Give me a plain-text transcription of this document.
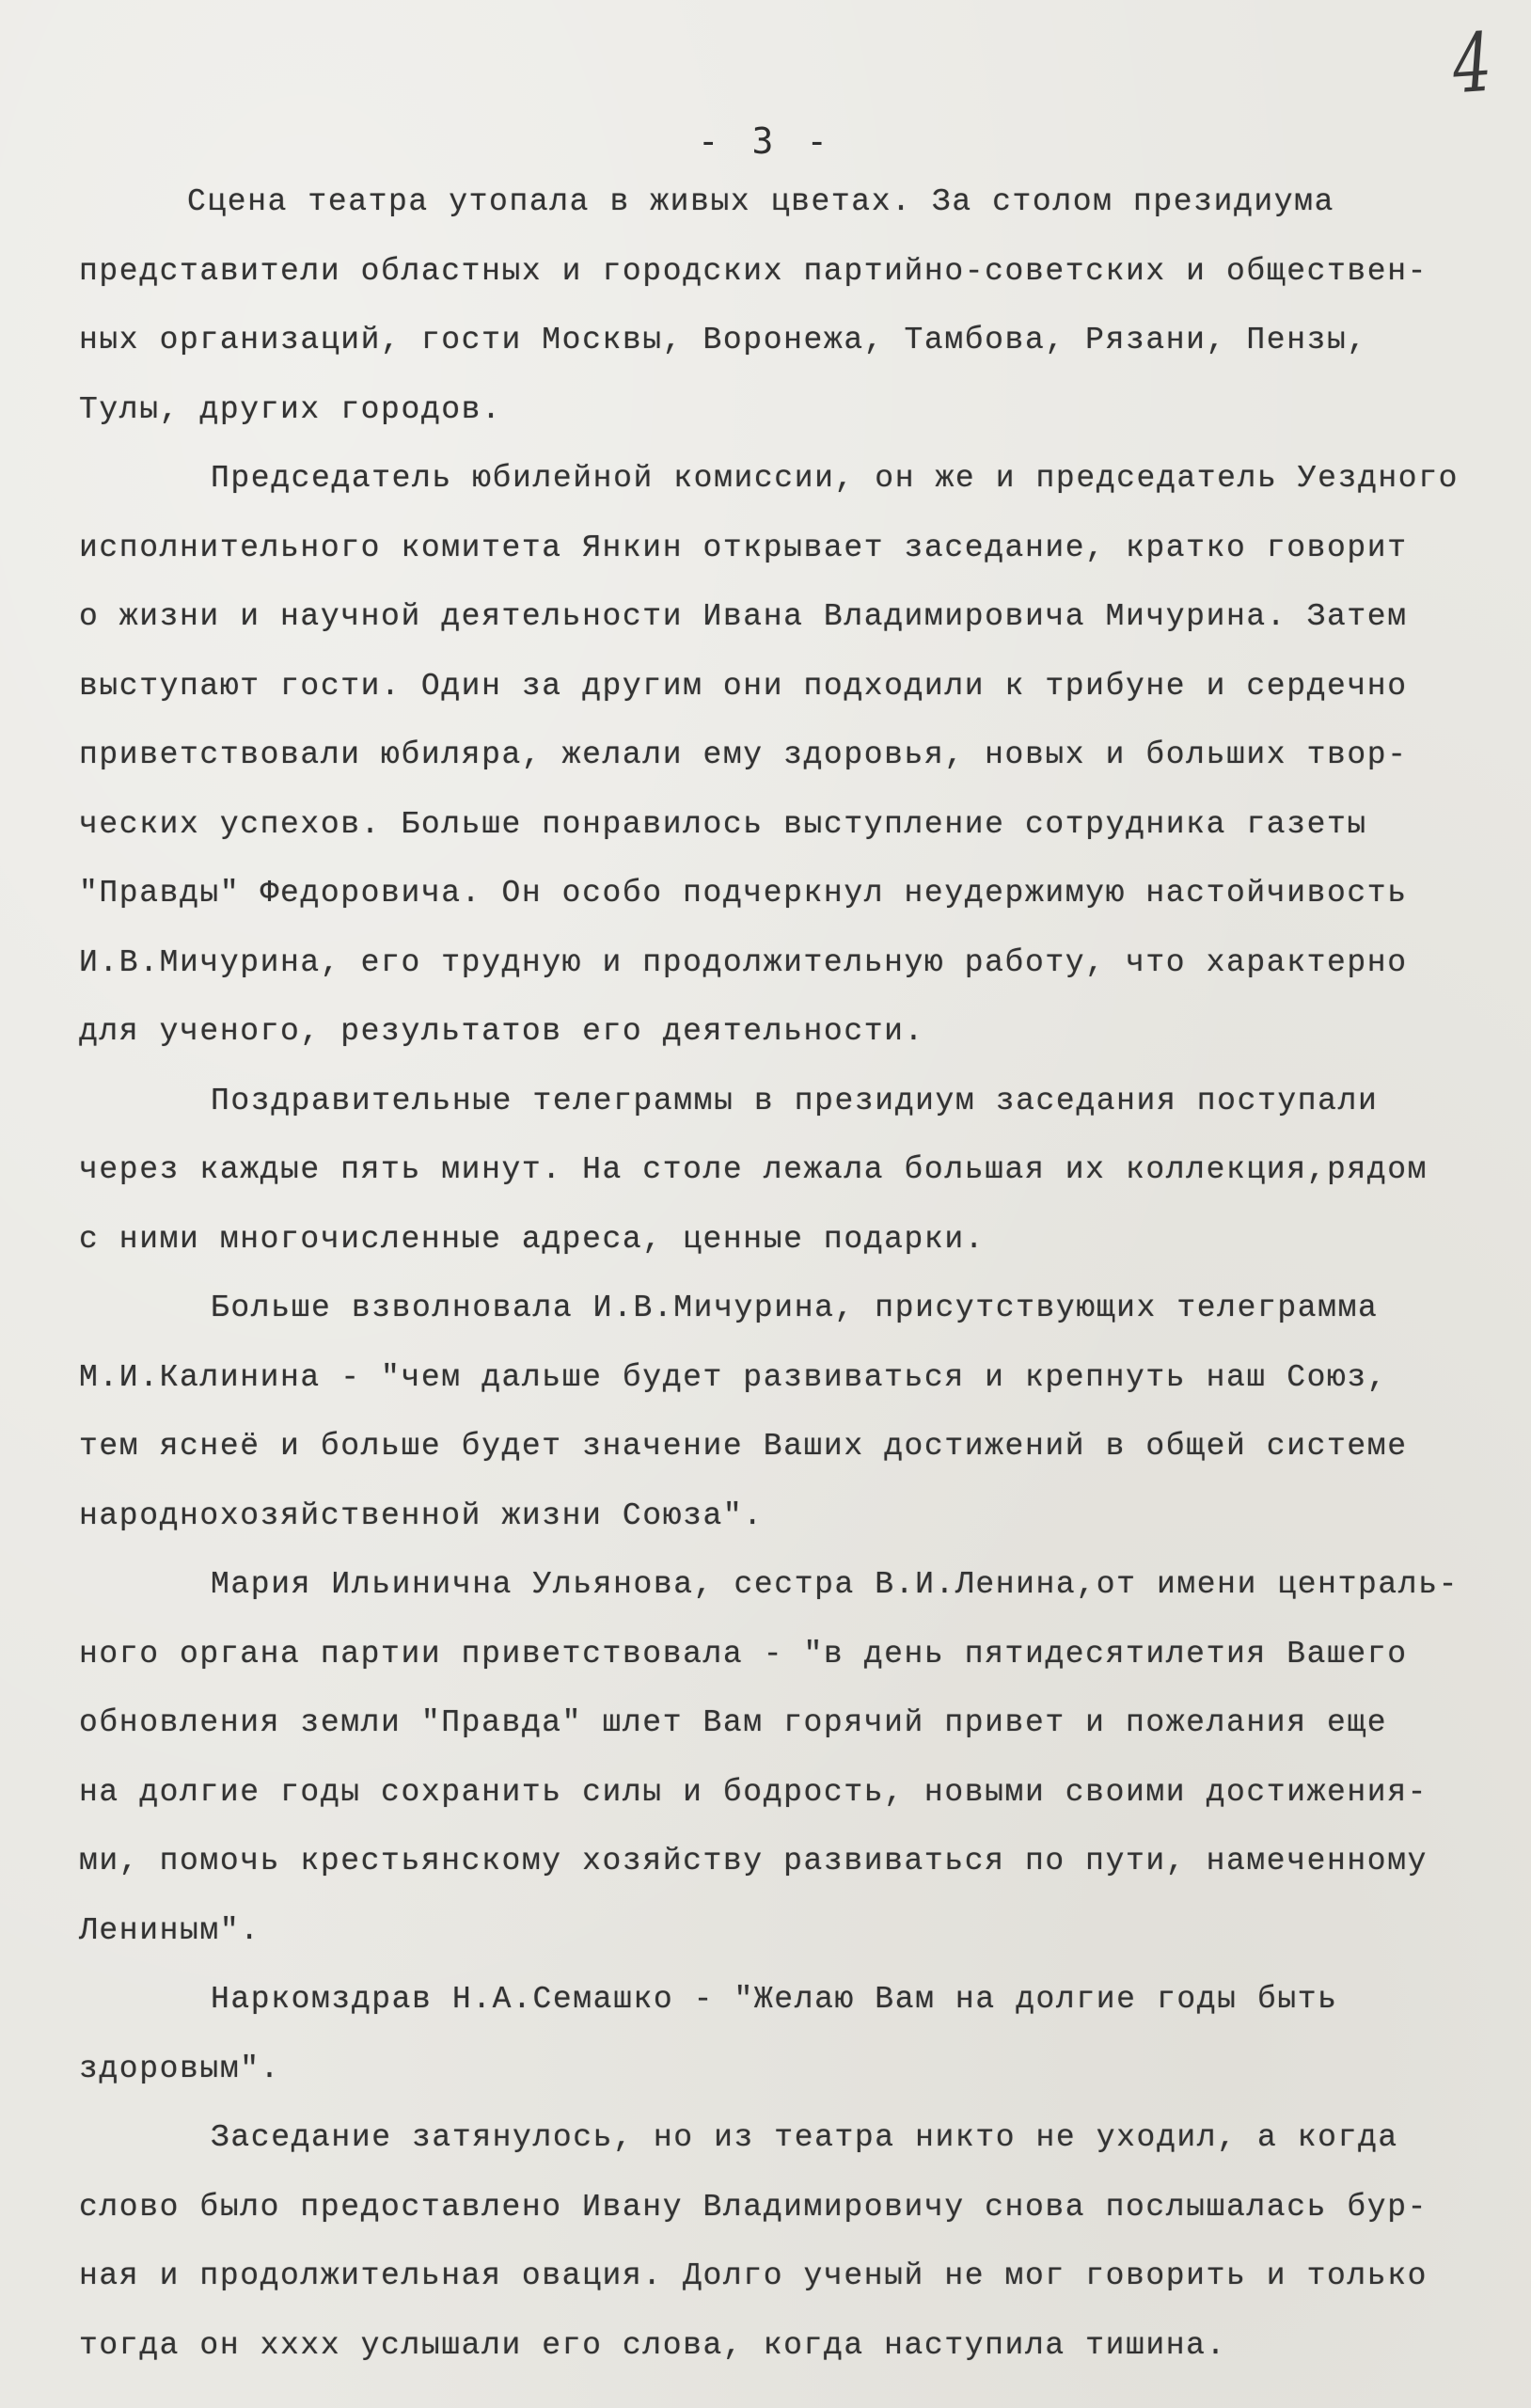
4
- 3 -
Сцена театра утопала в живых цветах. За столом президиума
представители областных и городских партийно-советских и обществен-
ных организаций, гости Москвы, Воронежа, Тамбова, Рязани, Пензы,
Тулы, других городов.
Председатель юбилейной комиссии, он же и председатель Уездного
исполнительного комитета Янкин открывает заседание, кратко говорит
о жизни и научной деятельности Ивана Владимировича Мичурина. Затем
выступают гости. Один за другим они подходили к трибуне и сердечно
приветствовали юбиляра, желали ему здоровья, новых и больших твор-
ческих успехов. Больше понравилось выступление сотрудника газеты
"Правды" Федоровича. Он особо подчеркнул неудержимую настойчивость
И.В.Мичурина, его трудную и продолжительную работу, что характерно
для ученого, результатов его деятельности.
Поздравительные телеграммы в президиум заседания поступали
через каждые пять минут. На столе лежала большая их коллекция,рядом
с ними многочисленные адреса, ценные подарки.
Больше взволновала И.В.Мичурина, присутствующих телеграмма
М.И.Калинина - "чем дальше будет развиваться и крепнуть наш Союз,
тем яснеё и больше будет значение Ваших достижений в общей системе
народнохозяйственной жизни Союза".
Мария Ильинична Ульянова, сестра В.И.Ленина,от имени централь-
ного органа партии приветствовала - "в день пятидесятилетия Вашего
обновления земли "Правда" шлет Вам горячий привет и пожелания еще
на долгие годы сохранить силы и бодрость, новыми своими достижения-
ми, помочь крестьянскому хозяйству развиваться по пути, намеченному
Лениным".
Наркомздрав Н.А.Семашко - "Желаю Вам на долгие годы быть
здоровым".
Заседание затянулось, но из театра никто не уходил, а когда
слово было предоставлено Ивану Владимировичу снова послышалась бур-
ная и продолжительная овация. Долго ученый не мог говорить и только
тогда он хххх услышали его слова, когда наступила тишина.
